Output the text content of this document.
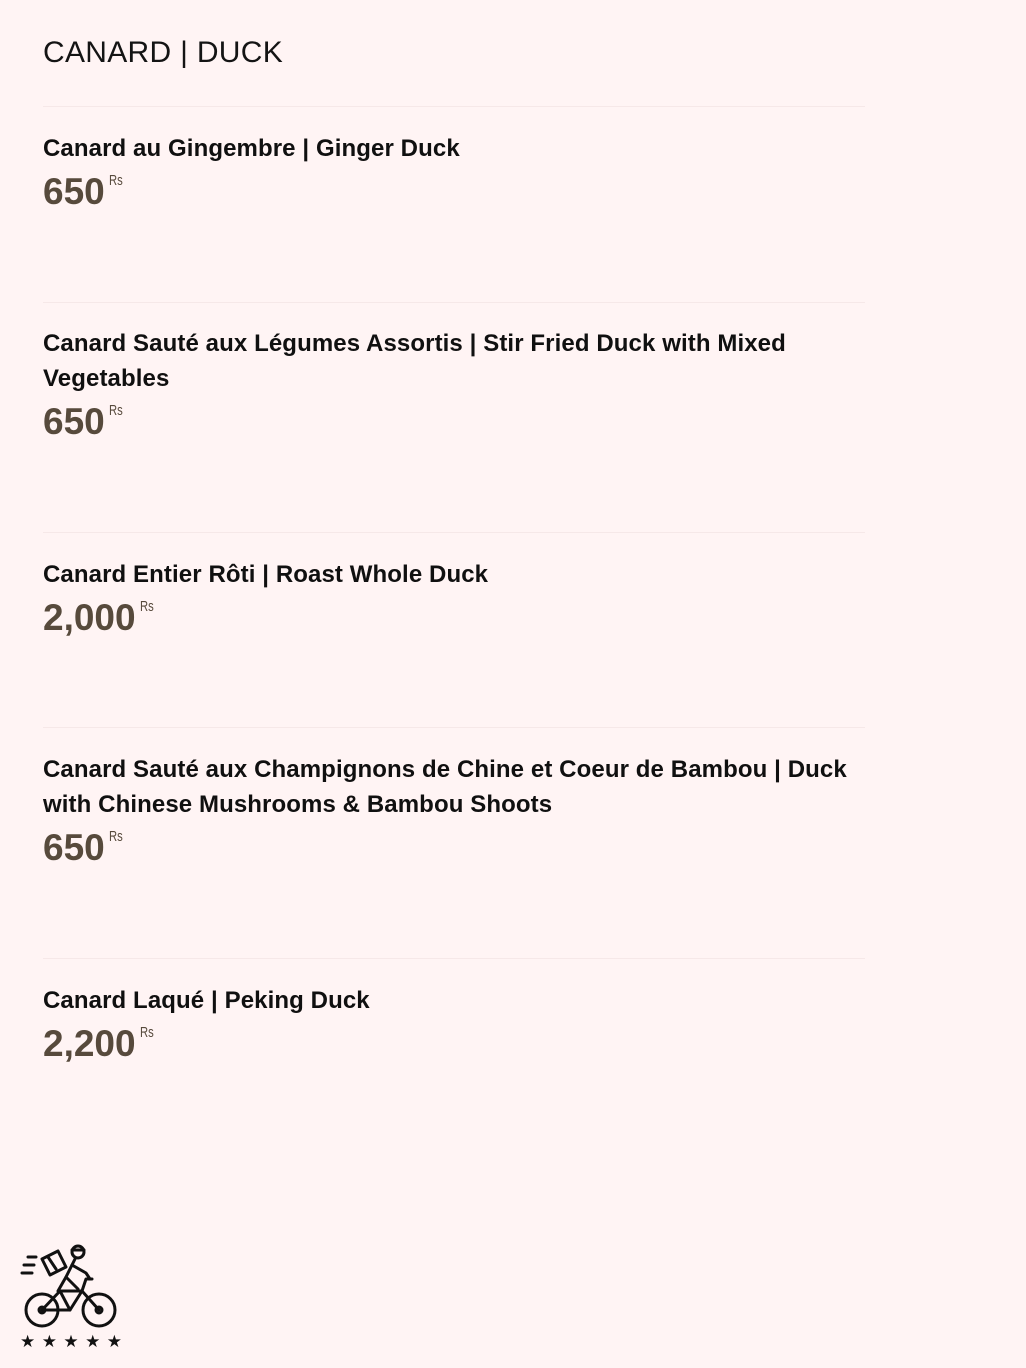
CANARD | DUCK
Canard au Gingembre | Ginger Duck
650 Rs
Canard Sauté aux Légumes Assortis | Stir Fried Duck with Mixed Vegetables
650 Rs
Canard Entier Rôti | Roast Whole Duck
2,000 Rs
Canard Sauté aux Champignons de Chine et Coeur de Bambou | Duck with Chinese Mushrooms & Bambou Shoots
650 Rs
Canard Laqué | Peking Duck
2,200 Rs
★ ★ ★ ★ ★
